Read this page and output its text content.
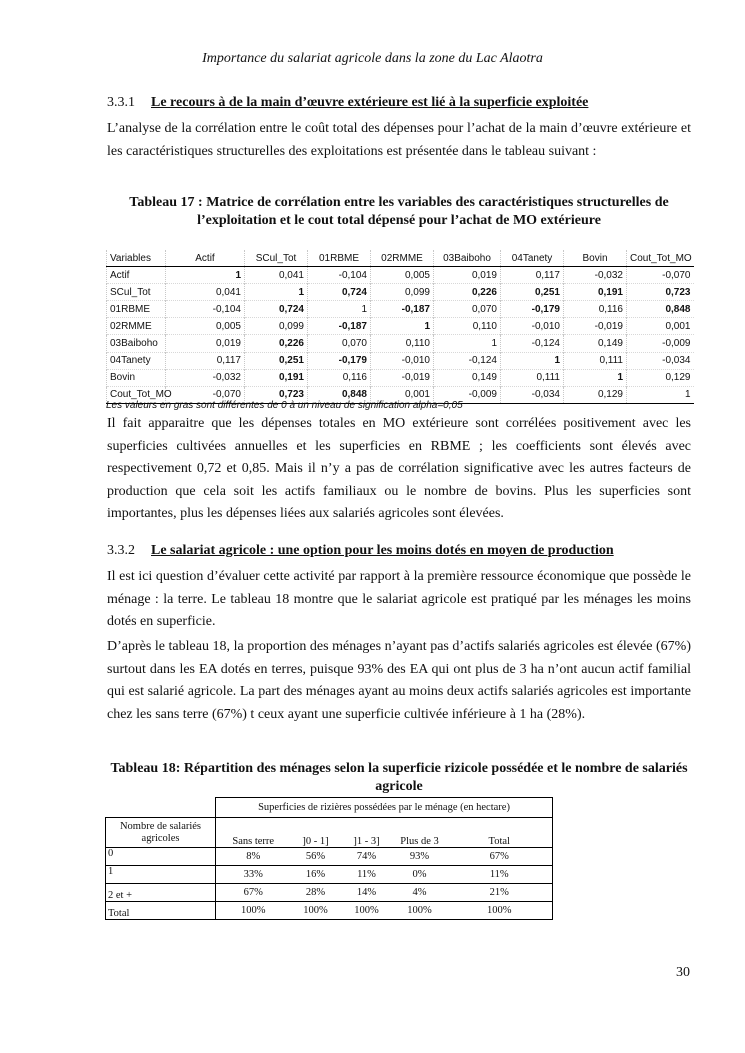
Importance du salariat agricole dans la zone du Lac Alaotra
3.3.1 Le recours à de la main d’œuvre extérieure est lié à la superficie exploitée

L’analyse de la corrélation entre le coût total des dépenses pour l’achat de la main d’œuvre extérieure et les caractéristiques structurelles des exploitations est présentée dans le tableau suivant :

Tableau 17 : Matrice de corrélation entre les variables des caractéristiques structurelles de l’exploitation et le cout total dépensé pour l’achat de MO extérieure

Variables	Actif	SCul_Tot	01RBME	02RMME	03Baiboho	04Tanety	Bovin	Cout_Tot_MO
Actif	1	0,041	-0,104	0,005	0,019	0,117	-0,032	-0,070
SCul_Tot	0,041	1	0,724	0,099	0,226	0,251	0,191	0,723
01RBME	-0,104	0,724	1	-0,187	0,070	-0,179	0,116	0,848
02RMME	0,005	0,099	-0,187	1	0,110	-0,010	-0,019	0,001
03Baiboho	0,019	0,226	0,070	0,110	1	-0,124	0,149	-0,009
04Tanety	0,117	0,251	-0,179	-0,010	-0,124	1	0,111	-0,034
Bovin	-0,032	0,191	0,116	-0,019	0,149	0,111	1	0,129
Cout_Tot_MO	-0,070	0,723	0,848	0,001	-0,009	-0,034	0,129	1
Les valeurs en gras sont différentes de 0 à un niveau de signification alpha=0,05

Il fait apparaitre que les dépenses totales en MO extérieure sont corrélées positivement avec les superficies cultivées annuelles et les superficies en RBME ; les coefficients sont élevés avec respectivement 0,72 et 0,85. Mais il n’y a pas de corrélation significative avec les autres facteurs de production que cela soit les actifs familiaux ou le nombre de bovins. Plus les superficies sont importantes, plus les dépenses liées aux salariés agricoles sont élevées.

3.3.2 Le salariat agricole : une option pour les moins dotés en moyen de production

Il est ici question d’évaluer cette activité par rapport à la première ressource économique que possède le ménage : la terre. Le tableau 18 montre que le salariat agricole est pratiqué par les ménages les moins dotés en superficie.

D’après le tableau 18, la proportion des ménages n’ayant pas d’actifs salariés agricoles est élevée (67%) surtout dans les EA dotés en terres, puisque 93% des EA qui ont plus de 3 ha n’ont aucun actif familial qui est salarié agricole. La part des ménages ayant au moins deux actifs salariés agricoles est importante chez les sans terre (67%) t ceux ayant une superficie cultivée inférieure à 1 ha (28%).

Tableau 18: Répartition des ménages selon la superficie rizicole possédée et le nombre de salariés agricole

	Superficies de rizières possédées par le ménage (en hectare)				
Nombre de salariés agricoles	Sans terre	]0 - 1]	]1 - 3]	Plus de 3	Total
0	8%	56%	74%	93%	67%
1	33%	16%	11%	0%	11%
2 et +	67%	28%	14%	4%	21%
Total	100%	100%	100%	100%	100%
30
